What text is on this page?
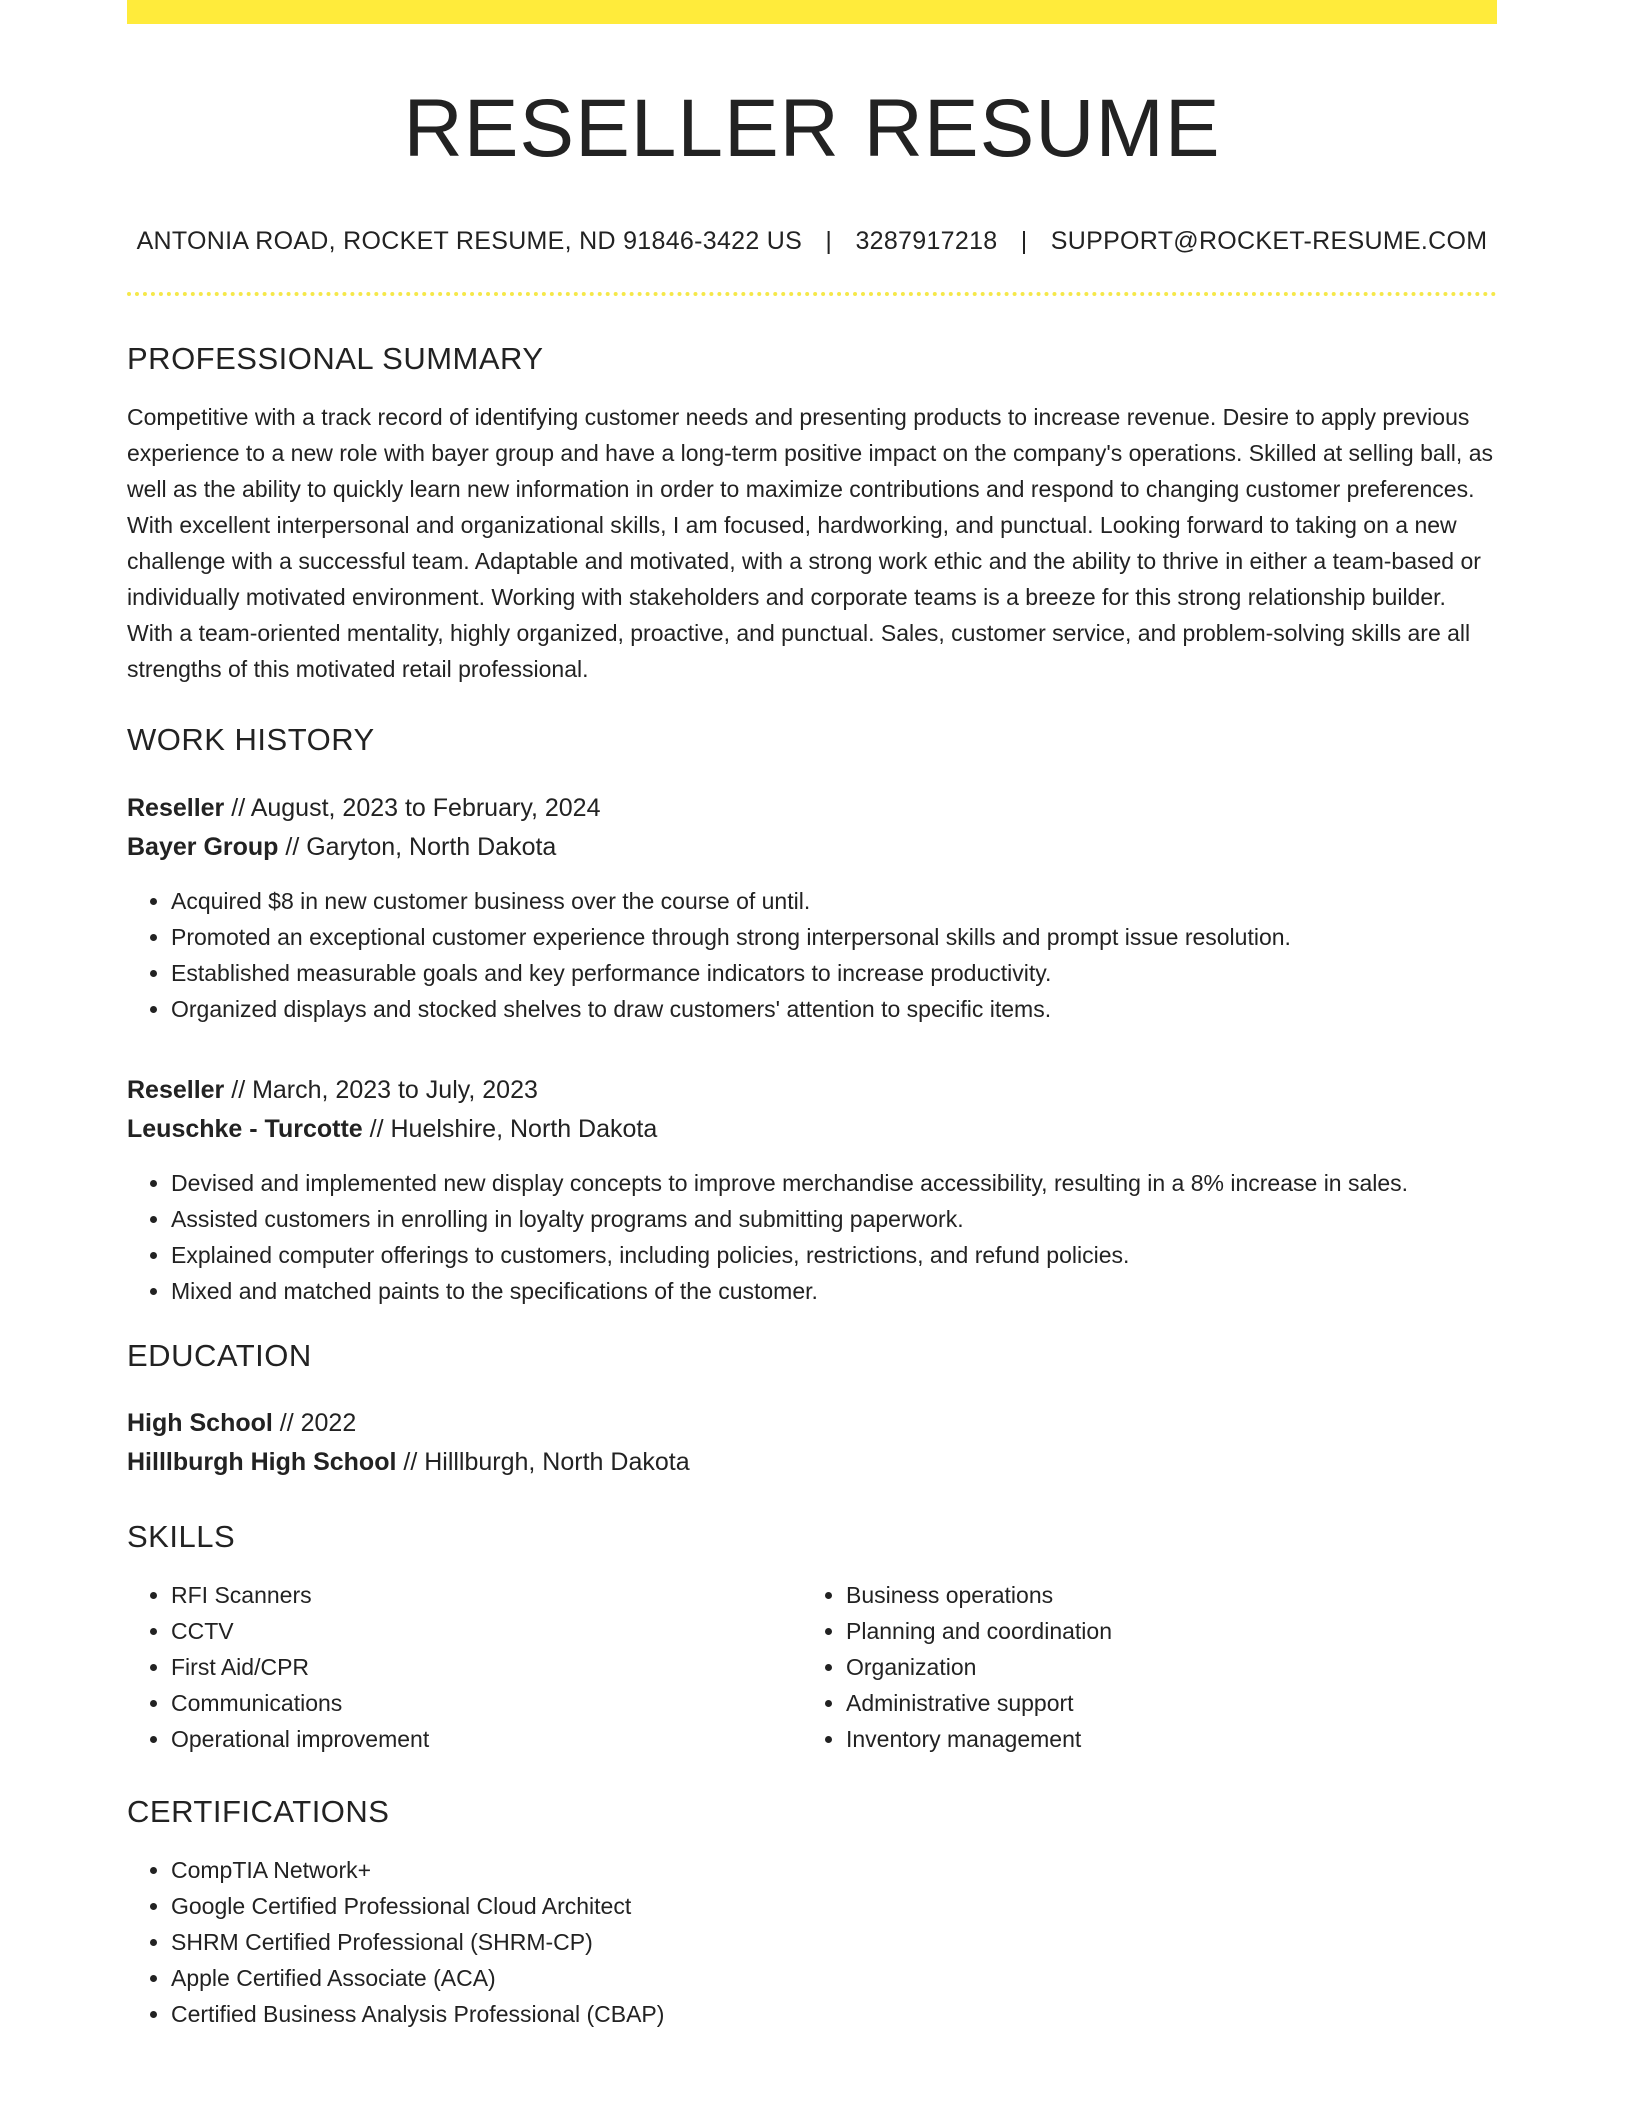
RESELLER RESUME
ANTONIA ROAD, ROCKET RESUME, ND 91846-3422 US | 3287917218 | SUPPORT@ROCKET-RESUME.COM
PROFESSIONAL SUMMARY

Competitive with a track record of identifying customer needs and presenting products to increase revenue. Desire to apply previous experience to a new role with bayer group and have a long-term positive impact on the company's operations. Skilled at selling ball, as well as the ability to quickly learn new information in order to maximize contributions and respond to changing customer preferences. With excellent interpersonal and organizational skills, I am focused, hardworking, and punctual. Looking forward to taking on a new challenge with a successful team. Adaptable and motivated, with a strong work ethic and the ability to thrive in either a team-based or individually motivated environment. Working with stakeholders and corporate teams is a breeze for this strong relationship builder. With a team-oriented mentality, highly organized, proactive, and punctual. Sales, customer service, and problem-solving skills are all strengths of this motivated retail professional.

WORK HISTORY
Reseller // August, 2023 to February, 2024
Bayer Group // Garyton, North Dakota
• Acquired $8 in new customer business over the course of until.
• Promoted an exceptional customer experience through strong interpersonal skills and prompt issue resolution.
• Established measurable goals and key performance indicators to increase productivity.
• Organized displays and stocked shelves to draw customers' attention to specific items.
Reseller // March, 2023 to July, 2023
Leuschke - Turcotte // Huelshire, North Dakota
• Devised and implemented new display concepts to improve merchandise accessibility, resulting in a 8% increase in sales.
• Assisted customers in enrolling in loyalty programs and submitting paperwork.
• Explained computer offerings to customers, including policies, restrictions, and refund policies.
• Mixed and matched paints to the specifications of the customer.
EDUCATION
High School // 2022
Hilllburgh High School // Hilllburgh, North Dakota
SKILLS
• RFI Scanners
• CCTV
• First Aid/CPR
• Communications
• Operational improvement
• Business operations
• Planning and coordination
• Organization
• Administrative support
• Inventory management
CERTIFICATIONS
• CompTIA Network+
• Google Certified Professional Cloud Architect
• SHRM Certified Professional (SHRM-CP)
• Apple Certified Associate (ACA)
• Certified Business Analysis Professional (CBAP)
